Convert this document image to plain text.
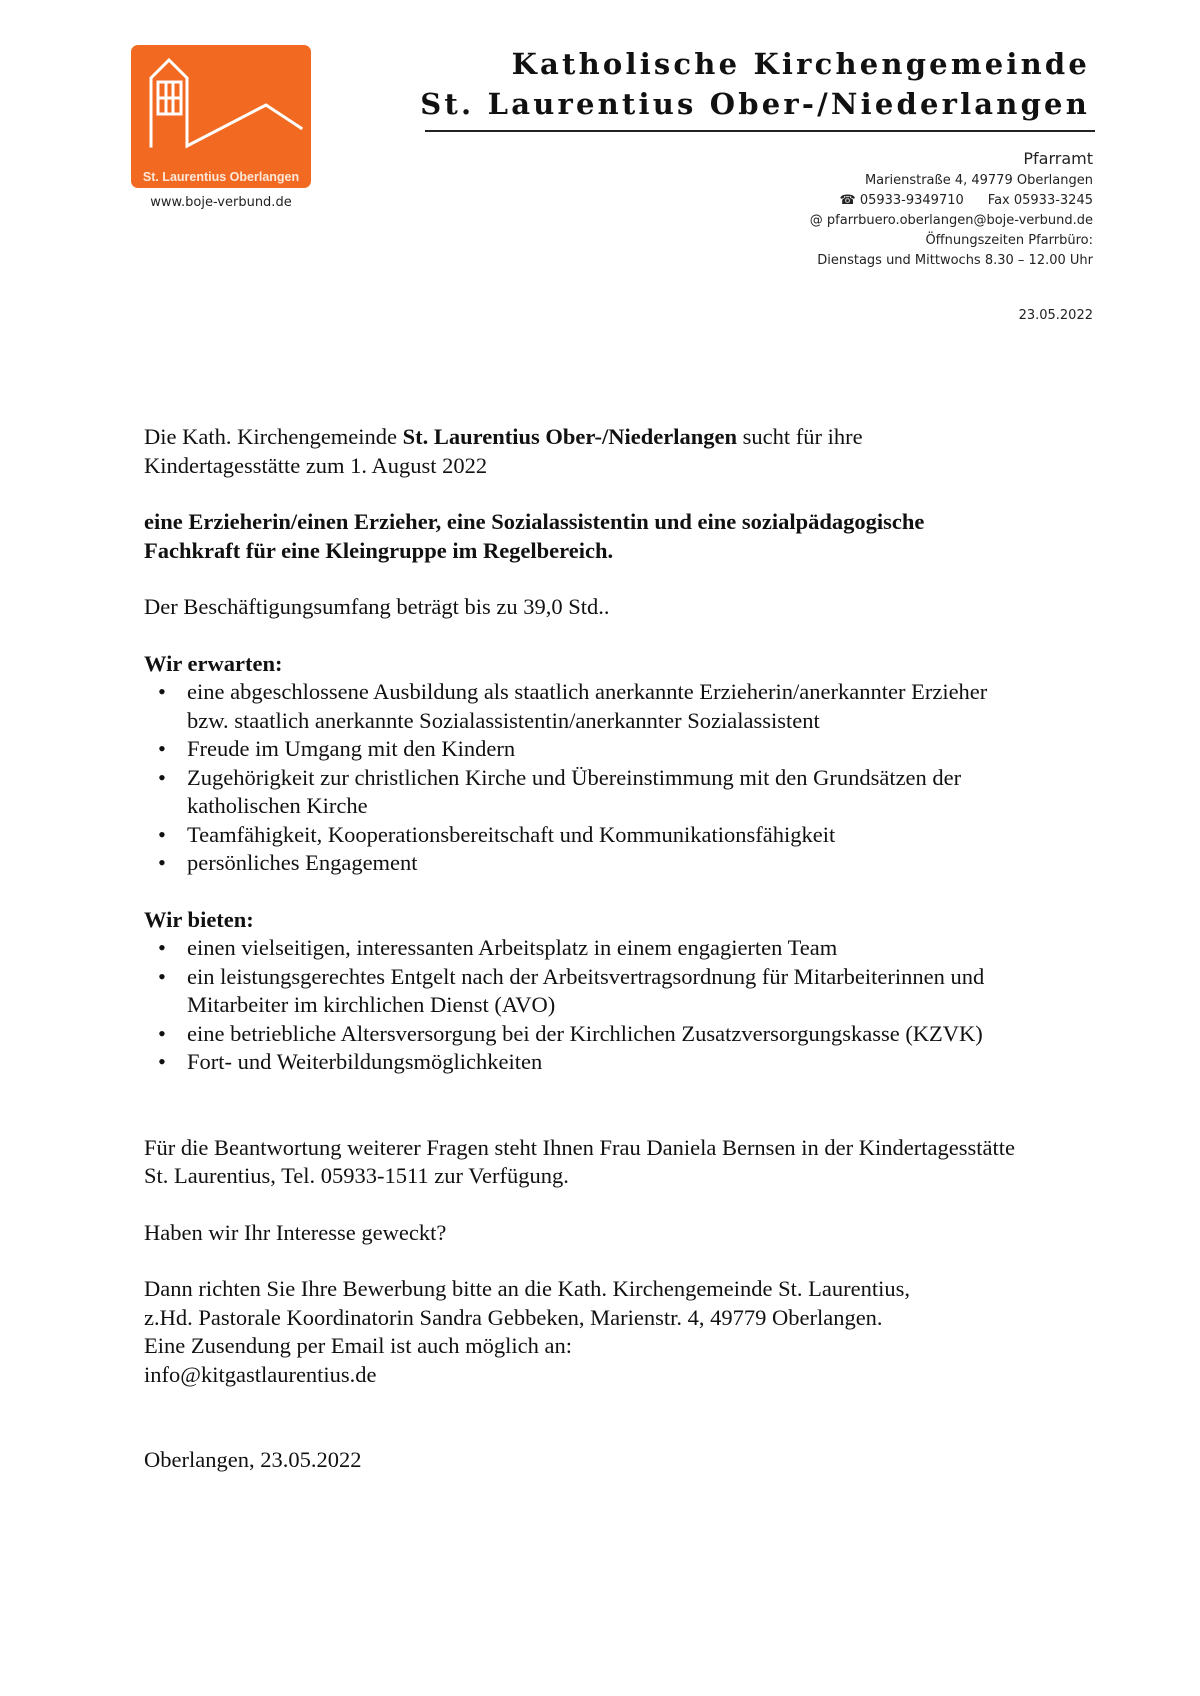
St. Laurentius Oberlangen
www.boje-verbund.de
Katholische Kirchengemeinde
St. Laurentius Ober-/Niederlangen
Pfarramt
Marienstraße 4, 49779 Oberlangen
☎ 05933-9349710 Fax 05933-3245
@ pfarrbuero.oberlangen@boje-verbund.de
Öffnungszeiten Pfarrbüro:
Dienstags und Mittwochs 8.30 – 12.00 Uhr
23.05.2022

Die Kath. Kirchengemeinde St. Laurentius Ober-/Niederlangen sucht für ihre
Kindertagesstätte zum 1. August 2022

eine Erzieherin/einen Erzieher, eine Sozialassistentin und eine sozialpädagogische
Fachkraft für eine Kleingruppe im Regelbereich.

Der Beschäftigungsumfang beträgt bis zu 39,0 Std..

Wir erwarten:

• eine abgeschlossene Ausbildung als staatlich anerkannte Erzieherin/anerkannter Erzieher
bzw. staatlich anerkannte Sozialassistentin/anerkannter Sozialassistent
• Freude im Umgang mit den Kindern
• Zugehörigkeit zur christlichen Kirche und Übereinstimmung mit den Grundsätzen der
katholischen Kirche
• Teamfähigkeit, Kooperationsbereitschaft und Kommunikationsfähigkeit
• persönliches Engagement

Wir bieten:

• einen vielseitigen, interessanten Arbeitsplatz in einem engagierten Team
• ein leistungsgerechtes Entgelt nach der Arbeitsvertragsordnung für Mitarbeiterinnen und
Mitarbeiter im kirchlichen Dienst (AVO)
• eine betriebliche Altersversorgung bei der Kirchlichen Zusatzversorgungskasse (KZVK)
• Fort- und Weiterbildungsmöglichkeiten

Für die Beantwortung weiterer Fragen steht Ihnen Frau Daniela Bernsen in der Kindertagesstätte
St. Laurentius, Tel. 05933-1511 zur Verfügung.

Haben wir Ihr Interesse geweckt?

Dann richten Sie Ihre Bewerbung bitte an die Kath. Kirchengemeinde St. Laurentius,
z.Hd. Pastorale Koordinatorin Sandra Gebbeken, Marienstr. 4, 49779 Oberlangen.
Eine Zusendung per Email ist auch möglich an:
info@kitgastlaurentius.de

Oberlangen, 23.05.2022
